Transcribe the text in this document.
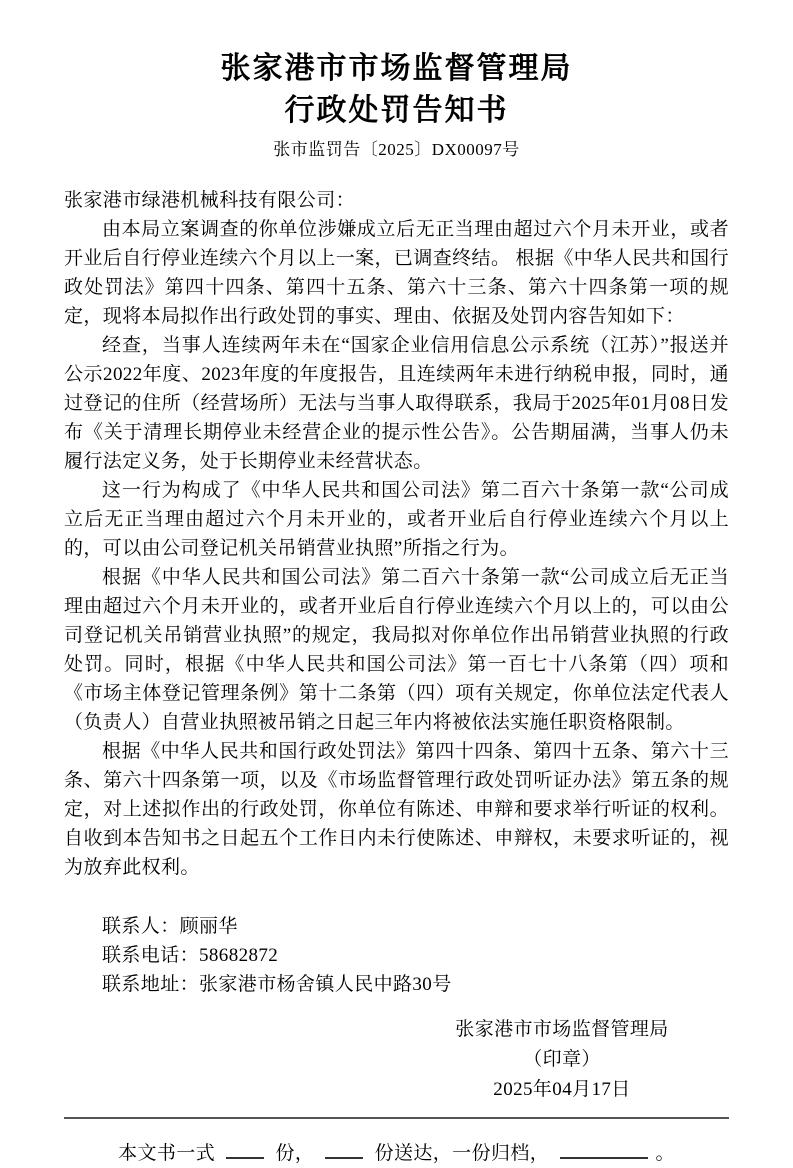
张家港市市场监督管理局
行政处罚告知书
张市监罚告〔2025〕DX00097号

张家港市绿港机械科技有限公司：

由本局立案调查的你单位涉嫌成立后无正当理由超过六个月未开业，或者开业后自行停业连续六个月以上一案，已调查终结。 根据《中华人民共和国行政处罚法》第四十四条、第四十五条、第六十三条、第六十四条第一项的规定，现将本局拟作出行政处罚的事实、理由、依据及处罚内容告知如下：

经查，当事人连续两年未在“国家企业信用信息公示系统（江苏）”报送并公示2022年度、2023年度的年度报告，且连续两年未进行纳税申报，同时，通过登记的住所（经营场所）无法与当事人取得联系，我局于2025年01月08日发布《关于清理长期停业未经营企业的提示性公告》。公告期届满，当事人仍未履行法定义务，处于长期停业未经营状态。

这一行为构成了《中华人民共和国公司法》第二百六十条第一款“公司成立后无正当理由超过六个月未开业的，或者开业后自行停业连续六个月以上的，可以由公司登记机关吊销营业执照”所指之行为。

根据《中华人民共和国公司法》第二百六十条第一款“公司成立后无正当理由超过六个月未开业的，或者开业后自行停业连续六个月以上的，可以由公司登记机关吊销营业执照”的规定，我局拟对你单位作出吊销营业执照的行政处罚。同时，根据《中华人民共和国公司法》第一百七十八条第（四）项和《市场主体登记管理条例》第十二条第（四）项有关规定，你单位法定代表人（负责人）自营业执照被吊销之日起三年内将被依法实施任职资格限制。

根据《中华人民共和国行政处罚法》第四十四条、第四十五条、第六十三条、第六十四条第一项，以及《市场监督管理行政处罚听证办法》第五条的规定，对上述拟作出的行政处罚，你单位有陈述、申辩和要求举行听证的权利。自收到本告知书之日起五个工作日内未行使陈述、申辩权，未要求听证的，视为放弃此权利。

联系人：顾丽华

联系电话：58682872

联系地址：张家港市杨舍镇人民中路30号

张家港市市场监督管理局
（印章）
2025年04月17日
本文书一式	份，	份送达，一份归档，	。
